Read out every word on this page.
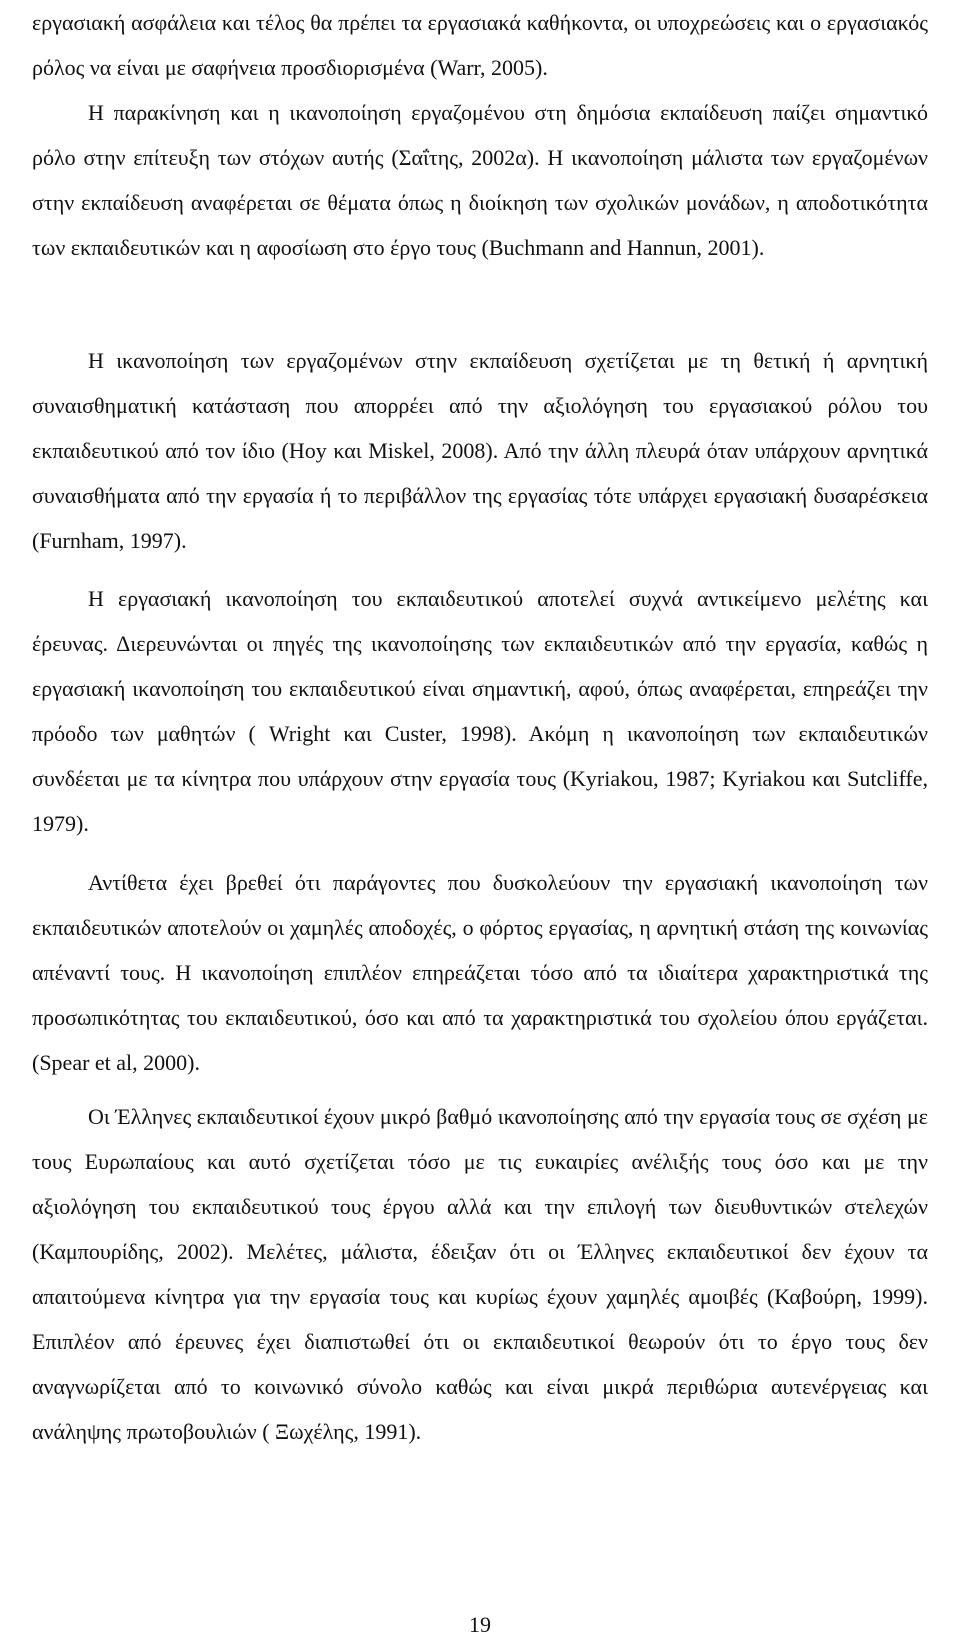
εργασιακή ασφάλεια και τέλος θα πρέπει τα εργασιακά καθήκοντα, οι υποχρεώσεις και ο εργασιακός ρόλος να είναι με σαφήνεια προσδιορισμένα (Warr, 2005).

Η παρακίνηση και η ικανοποίηση εργαζομένου στη δημόσια εκπαίδευση παίζει σημαντικό ρόλο στην επίτευξη των στόχων αυτής (Σαΐτης, 2002α). Η ικανοποίηση μάλιστα των εργαζομένων στην εκπαίδευση αναφέρεται σε θέματα όπως η διοίκηση των σχολικών μονάδων, η αποδοτικότητα των εκπαιδευτικών και η αφοσίωση στο έργο τους (Buchmann and Hannun, 2001).

Η ικανοποίηση των εργαζομένων στην εκπαίδευση σχετίζεται με τη θετική ή αρνητική συναισθηματική κατάσταση που απορρέει από την αξιολόγηση του εργασιακού ρόλου του εκπαιδευτικού από τον ίδιο (Hoy και Miskel, 2008). Από την άλλη πλευρά όταν υπάρχουν αρνητικά συναισθήματα από την εργασία ή το περιβάλλον της εργασίας τότε υπάρχει εργασιακή δυσαρέσκεια (Furnham, 1997).

Η εργασιακή ικανοποίηση του εκπαιδευτικού αποτελεί συχνά αντικείμενο μελέτης και έρευνας. Διερευνώνται οι πηγές της ικανοποίησης των εκπαιδευτικών από την εργασία, καθώς η εργασιακή ικανοποίηση του εκπαιδευτικού είναι σημαντική, αφού, όπως αναφέρεται, επηρεάζει την πρόοδο των μαθητών ( Wright και Custer, 1998). Ακόμη η ικανοποίηση των εκπαιδευτικών συνδέεται με τα κίνητρα που υπάρχουν στην εργασία τους (Kyriakou, 1987; Kyriakou και Sutcliffe, 1979).

Αντίθετα έχει βρεθεί ότι παράγοντες που δυσκολεύουν την εργασιακή ικανοποίηση των εκπαιδευτικών αποτελούν οι χαμηλές αποδοχές, ο φόρτος εργασίας, η αρνητική στάση της κοινωνίας απέναντί τους. Η ικανοποίηση επιπλέον επηρεάζεται τόσο από τα ιδιαίτερα χαρακτηριστικά της προσωπικότητας του εκπαιδευτικού, όσο και από τα χαρακτηριστικά του σχολείου όπου εργάζεται. (Spear et al, 2000).

Οι Έλληνες εκπαιδευτικοί έχουν μικρό βαθμό ικανοποίησης από την εργασία τους σε σχέση με τους Ευρωπαίους και αυτό σχετίζεται τόσο με τις ευκαιρίες ανέλιξής τους όσο και με την αξιολόγηση του εκπαιδευτικού τους έργου αλλά και την επιλογή των διευθυντικών στελεχών (Καμπουρίδης, 2002). Μελέτες, μάλιστα, έδειξαν ότι οι Έλληνες εκπαιδευτικοί δεν έχουν τα απαιτούμενα κίνητρα για την εργασία τους και κυρίως έχουν χαμηλές αμοιβές (Καβούρη, 1999). Επιπλέον από έρευνες έχει διαπιστωθεί ότι οι εκπαιδευτικοί θεωρούν ότι το έργο τους δεν αναγνωρίζεται από το κοινωνικό σύνολο καθώς και είναι μικρά περιθώρια αυτενέργειας και ανάληψης πρωτοβουλιών ( Ξωχέλης, 1991).

19
